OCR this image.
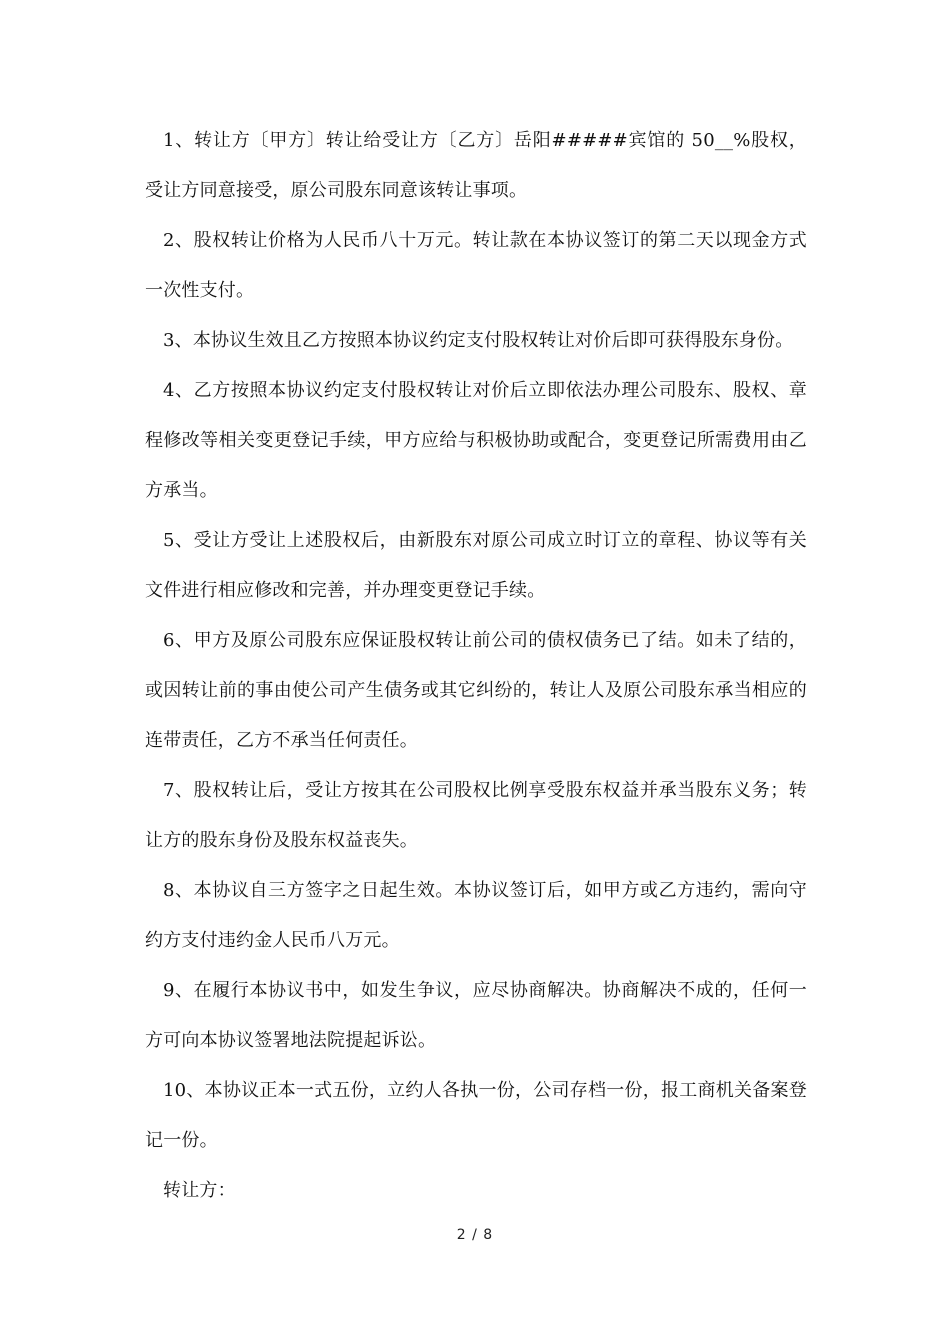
1、转让方〔甲方〕转让给受让方〔乙方〕岳阳#####宾馆的 50__%股权，受让方同意接受，原公司股东同意该转让事项。

2、股权转让价格为人民币八十万元。转让款在本协议签订的第二天以现金方式一次性支付。

3、本协议生效且乙方按照本协议约定支付股权转让对价后即可获得股东身份。

4、乙方按照本协议约定支付股权转让对价后立即依法办理公司股东、股权、章程修改等相关变更登记手续，甲方应给与积极协助或配合，变更登记所需费用由乙方承当。

5、受让方受让上述股权后，由新股东对原公司成立时订立的章程、协议等有关文件进行相应修改和完善，并办理变更登记手续。

6、甲方及原公司股东应保证股权转让前公司的债权债务已了结。如未了结的，或因转让前的事由使公司产生债务或其它纠纷的，转让人及原公司股东承当相应的连带责任，乙方不承当任何责任。

7、股权转让后，受让方按其在公司股权比例享受股东权益并承当股东义务；转让方的股东身份及股东权益丧失。

8、本协议自三方签字之日起生效。本协议签订后，如甲方或乙方违约，需向守约方支付违约金人民币八万元。

9、在履行本协议书中，如发生争议，应尽协商解决。协商解决不成的，任何一方可向本协议签署地法院提起诉讼。

10、本协议正本一式五份，立约人各执一份，公司存档一份，报工商机关备案登记一份。

转让方：

2 / 8
